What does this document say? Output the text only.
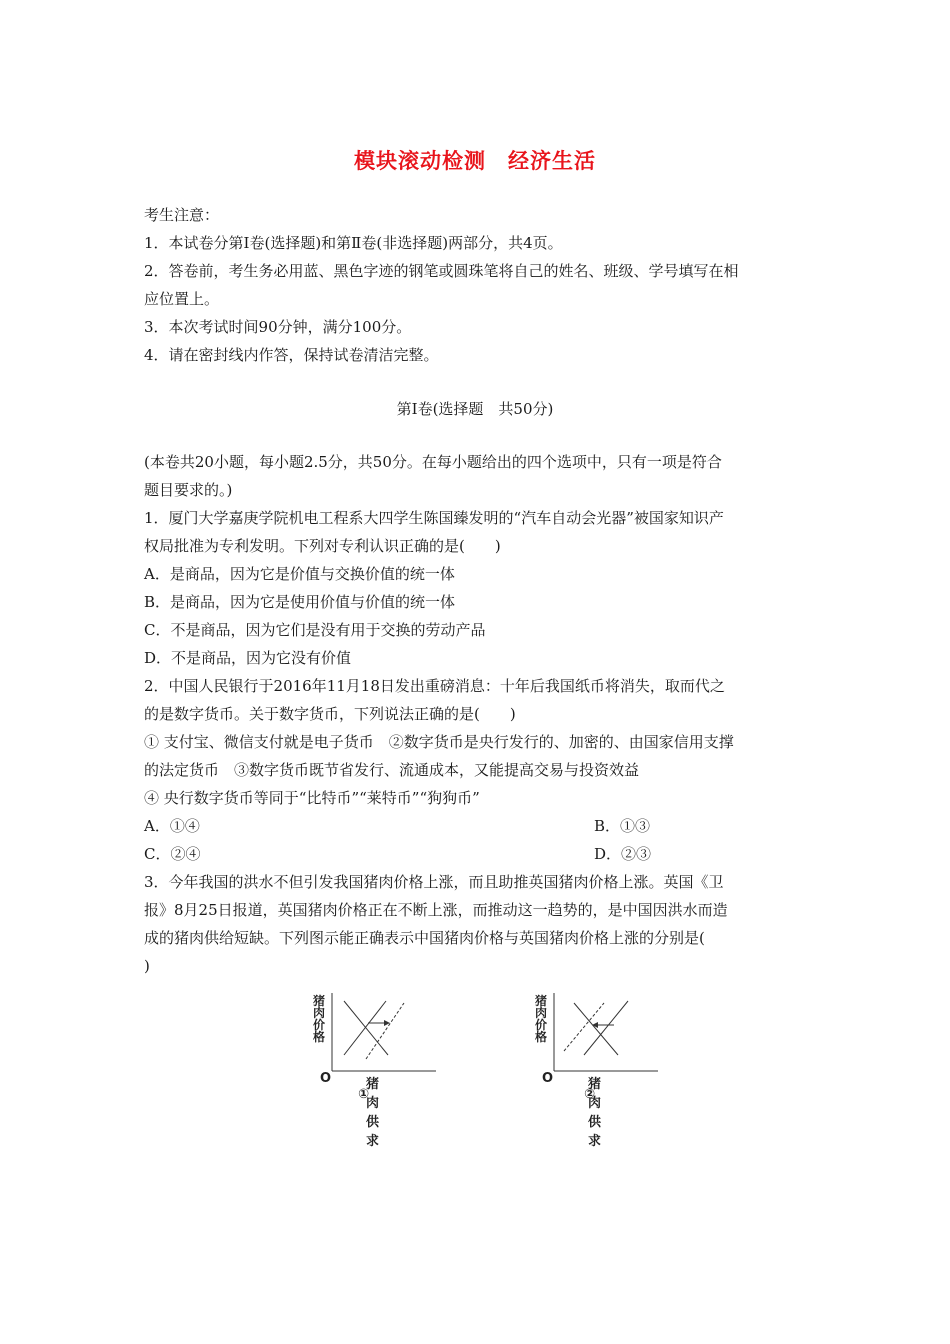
模块滚动检测　经济生活
考生注意：
1．本试卷分第Ⅰ卷(选择题)和第Ⅱ卷(非选择题)两部分，共4页。
2．答卷前，考生务必用蓝、黑色字迹的钢笔或圆珠笔将自己的姓名、班级、学号填写在相
应位置上。
3．本次考试时间90分钟，满分100分。
4．请在密封线内作答，保持试卷清洁完整。
第Ⅰ卷(选择题　共50分)
(本卷共20小题，每小题2.5分，共50分。在每小题给出的四个选项中，只有一项是符合
题目要求的。)
1．厦门大学嘉庚学院机电工程系大四学生陈国臻发明的“汽车自动会光器”被国家知识产
权局批准为专利发明。下列对专利认识正确的是(　　)
A．是商品，因为它是价值与交换价值的统一体
B．是商品，因为它是使用价值与价值的统一体
C．不是商品，因为它们是没有用于交换的劳动产品
D．不是商品，因为它没有价值
2．中国人民银行于2016年11月18日发出重磅消息：十年后我国纸币将消失，取而代之
的是数字货币。关于数字货币，下列说法正确的是(　　)
① 支付宝、微信支付就是电子货币　②数字货币是央行发行的、加密的、由国家信用支撑
的法定货币　③数字货币既节省发行、流通成本，又能提高交易与投资效益
④ 央行数字货币等同于“比特币”“莱特币”“狗狗币”
A．①④	B．①③
C．②④	D．②③
3．今年我国的洪水不但引发我国猪肉价格上涨，而且助推英国猪肉价格上涨。英国《卫
报》8月25日报道，英国猪肉价格正在不断上涨，而推动这一趋势的，是中国因洪水而造
成的猪肉供给短缺。下列图示能正确表示中国猪肉价格与英国猪肉价格上涨的分别是(
)
猪
肉
价
格
O	猪肉供求
①
猪
肉
价
格
O	猪肉供求
②
